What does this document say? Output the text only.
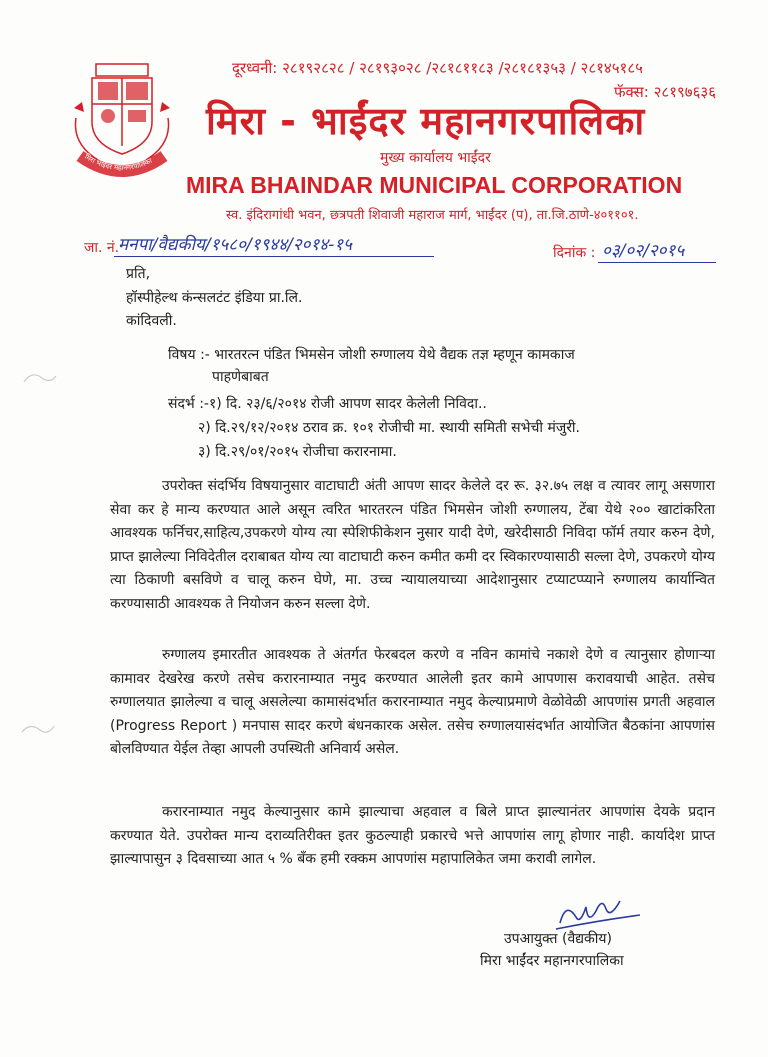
मिरा भाईंदर महानगरपालिका
दूरध्वनी: २८१९२८२८ / २८१९३०२८ /२८१८११८३ /२८१८१३५३ / २८१४५१८५
फॅक्स: २८१९७६३६
मिरा - भाईंदर महानगरपालिका
मुख्य कार्यालय भाईंदर
MIRA BHAINDAR MUNICIPAL CORPORATION
स्व. इंदिरागांधी भवन, छत्रपती शिवाजी महाराज मार्ग, भाईंदर (प), ता.जि.ठाणे-४०११०१.
जा. नं.
मनपा/वैद्यकीय/१५८०/१९४४/२०१४-१५	दिनांक : ०३/०२/२०१५
प्रति,
हॉस्पीहेल्थ कंन्सलटंट इंडिया प्रा.लि.
कांदिवली.
विषय :- भारतरत्न पंडित भिमसेन जोशी रुग्णालय येथे वैद्यक तज्ञ म्हणून कामकाज
पाहणेबाबत
संदर्भ :-१) दि. २३/६/२०१४ रोजी आपण सादर केलेली निविदा..
२) दि.२९/१२/२०१४ ठराव क्र. १०१ रोजीची मा. स्थायी समिती सभेची मंजुरी.
३) दि.२९/०१/२०१५ रोजीचा करारनामा.
उपरोक्त संदर्भिय विषयानुसार वाटाघाटी अंती आपण सादर केलेले दर रू. ३२.७५ लक्ष व त्यावर लागू असणारा सेवा कर हे मान्य करण्यात आले असून त्वरित भारतरत्न पंडित भिमसेन जोशी रुग्णालय, टेंबा येथे २०० खाटांकरिता आवश्यक फर्निचर,साहित्य,उपकरणे योग्य त्या स्पेशिफीकेशन नुसार यादी देणे, खरेदीसाठी निविदा फॉर्म तयार करुन देणे, प्राप्त झालेल्या निविदेतील दराबाबत योग्य त्या वाटाघाटी करुन कमीत कमी दर स्विकारण्यासाठी सल्ला देणे, उपकरणे योग्य त्या ठिकाणी बसविणे व चालू करुन घेणे, मा. उच्च न्यायालयाच्या आदेशानुसार टप्याटप्प्याने रुग्णालय कार्यान्वित करण्यासाठी आवश्यक ते नियोजन करुन सल्ला देणे.
रुग्णालय इमारतीत आवश्यक ते अंतर्गत फेरबदल करणे व नविन कामांचे नकाशे देणे व त्यानुसार होणाऱ्या कामावर देखरेख करणे तसेच करारनाम्यात नमुद करण्यात आलेली इतर कामे आपणास करावयाची आहेत. तसेच रुग्णालयात झालेल्या व चालू असलेल्या कामासंदर्भात करारनाम्यात नमुद केल्याप्रमाणे वेळोवेळी आपणांस प्रगती अहवाल (Progress Report ) मनपास सादर करणे बंधनकारक असेल. तसेच रुग्णालयासंदर्भात आयोजित बैठकांना आपणांस बोलविण्यात येईल तेव्हा आपली उपस्थिती अनिवार्य असेल.
करारनाम्यात नमुद केल्यानुसार कामे झाल्याचा अहवाल व बिले प्राप्त झाल्यानंतर आपणांस देयके प्रदान करण्यात येते. उपरोक्त मान्य दराव्यतिरीक्त इतर कुठल्याही प्रकारचे भत्ते आपणांस लागू होणार नाही. कार्यादेश प्राप्त झाल्यापासुन ३ दिवसाच्या आत ५ % बँक हमी रक्कम आपणांस महापालिकेत जमा करावी लागेल.
उपआयुक्त (वैद्यकीय)
मिरा भाईंदर महानगरपालिका
